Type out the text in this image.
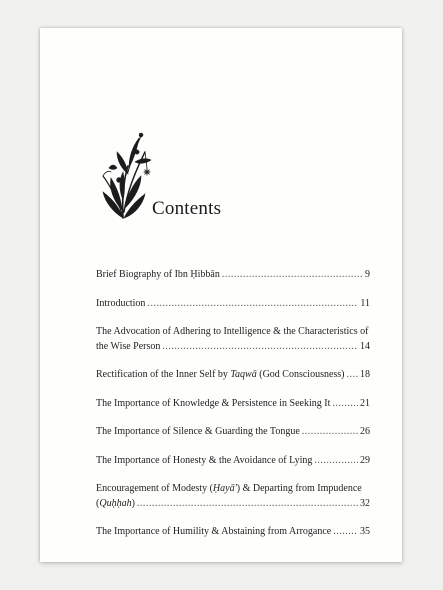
Contents
Brief Biography of Ibn Ḥibbān .....	9
Introduction .....	11
The Advocation of Adhering to Intelligence & the Characteristics of
the Wise Person .....	14
Rectification of the Inner Self by Taqwā (God Consciousness) ..... 18
The Importance of Knowledge & Persistence in Seeking It .....	21
The Importance of Silence & Guarding the Tongue .....	26
The Importance of Honesty & the Avoidance of Lying .....	29
Encouragement of Modesty (Ḥayā') & Departing from Impudence
(Quḥḥah) .....	32
The Importance of Humility & Abstaining from Arrogance .....	35
